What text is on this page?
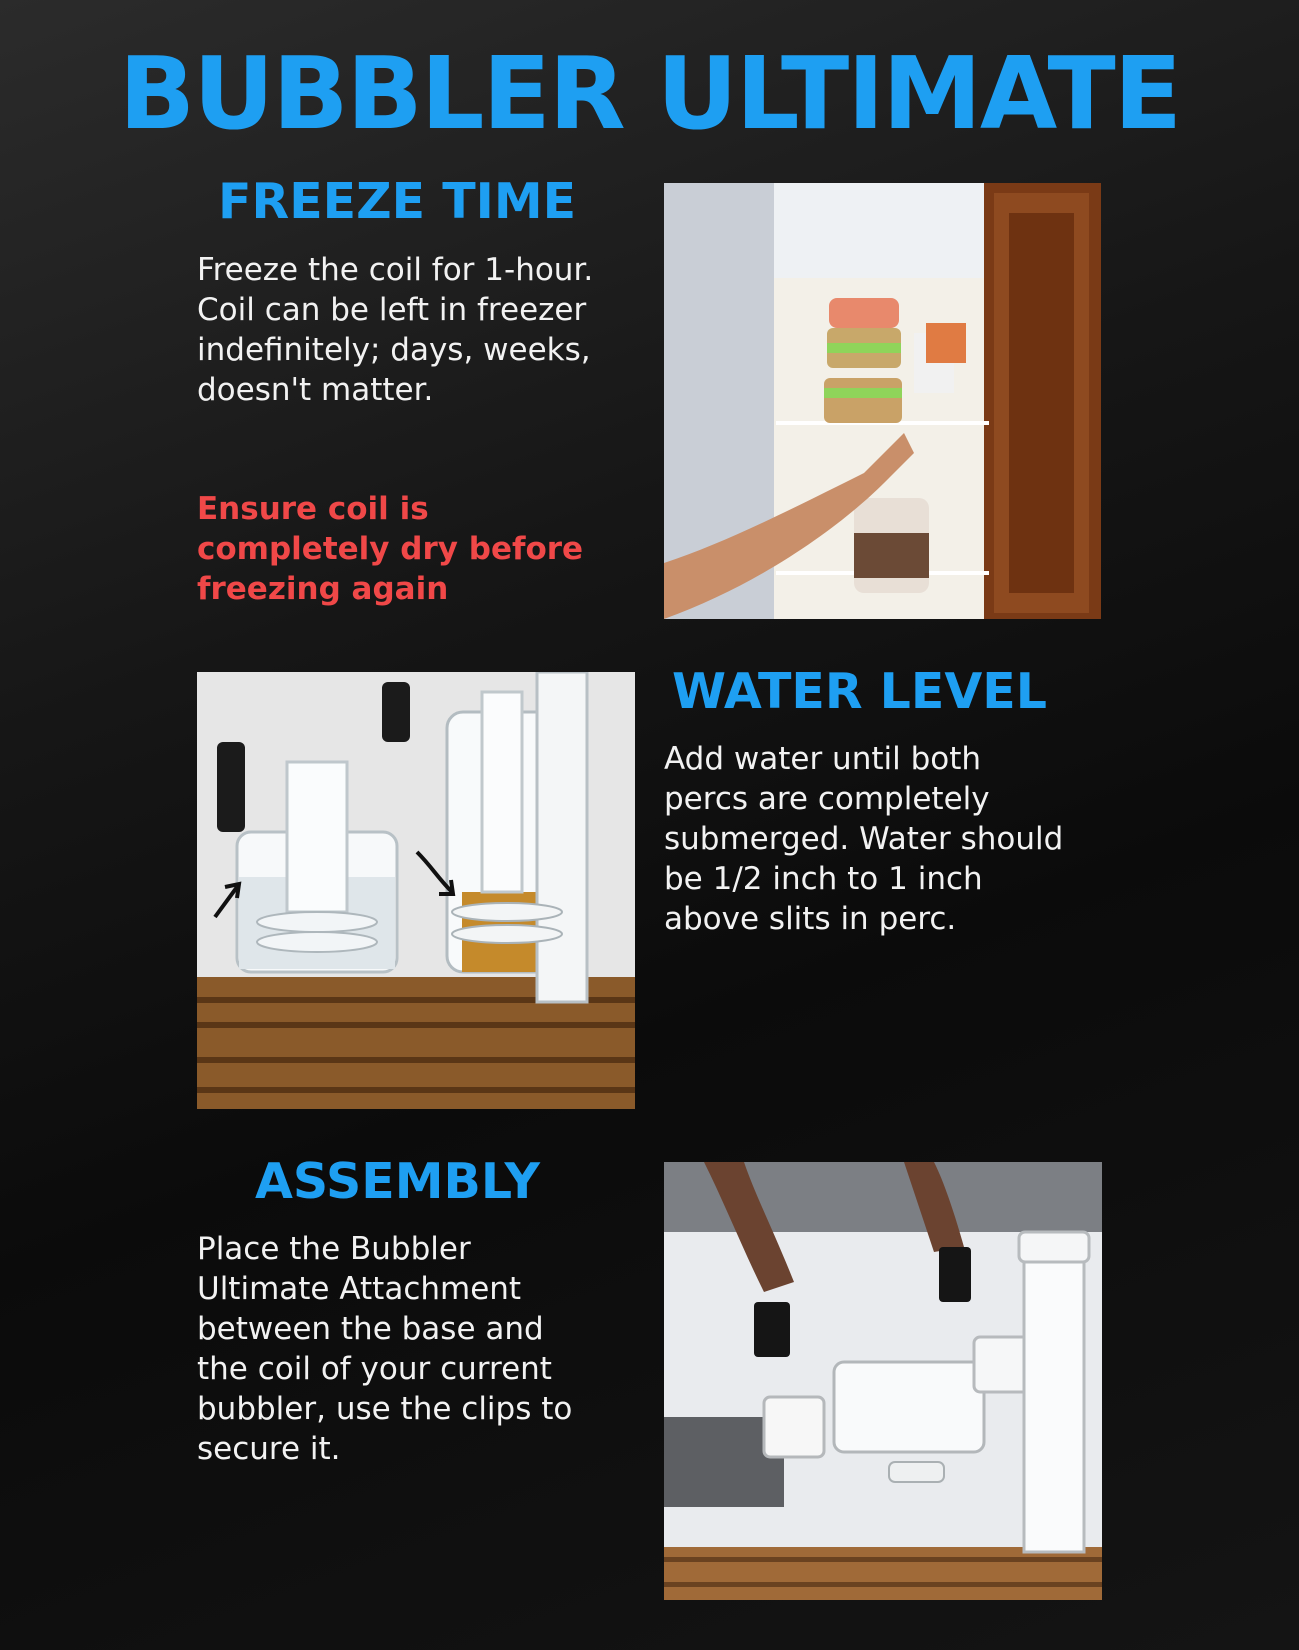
BUBBLER ULTIMATE
FREEZE TIME

Freeze the coil for 1-hour.
Coil can be left in freezer
indefinitely; days, weeks,
doesn't matter.

Ensure coil is
completely dry before
freezing again

WATER LEVEL

Add water until both
percs are completely
submerged. Water should
be 1/2 inch to 1 inch
above slits in perc.

ASSEMBLY

Place the Bubbler
Ultimate Attachment
between the base and
the coil of your current
bubbler, use the clips to
secure it.
